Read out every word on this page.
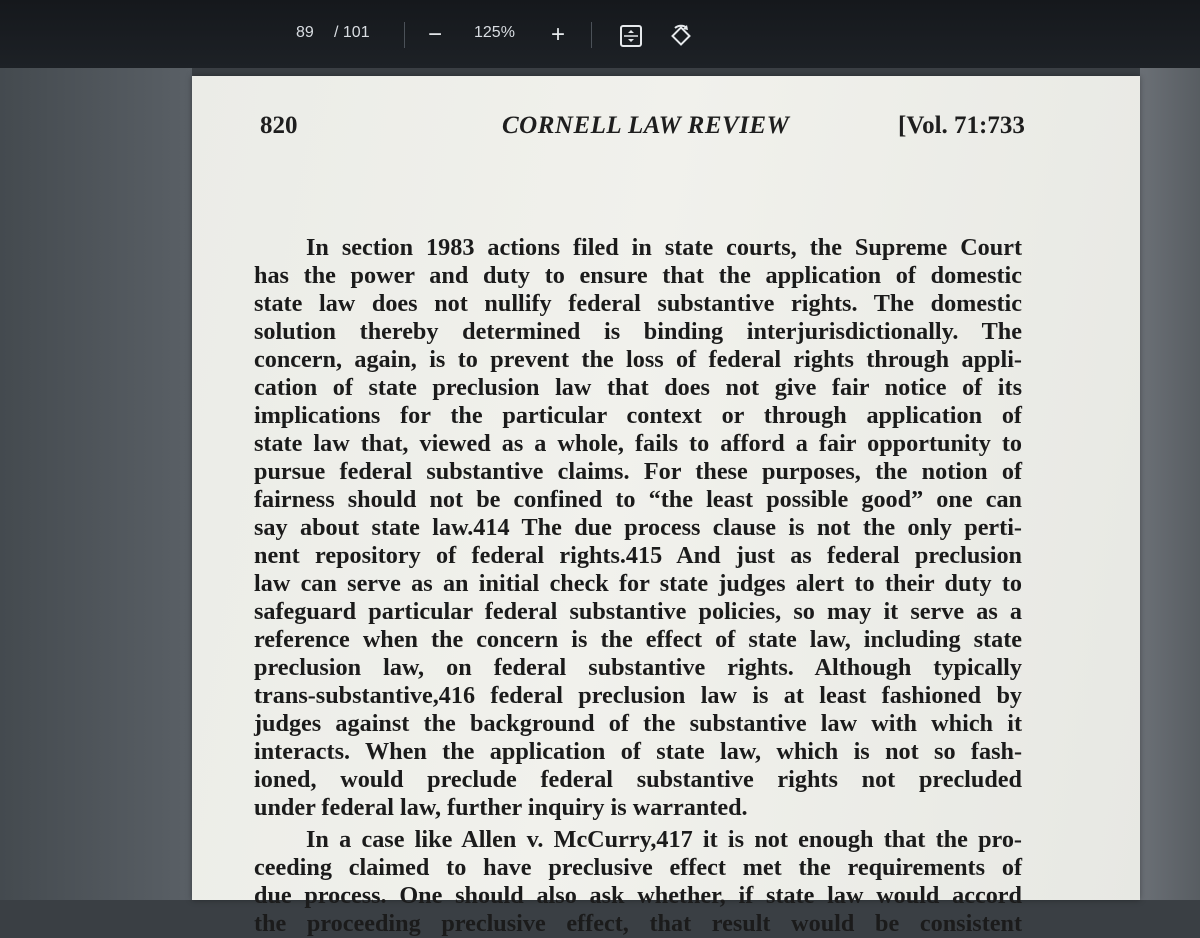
89 / 101	−	125%	+
820	CORNELL LAW REVIEW	[Vol. 71:733
In section 1983 actions filed in state courts, the Supreme Court
has the power and duty to ensure that the application of domestic
state law does not nullify federal substantive rights. The domestic
solution thereby determined is binding interjurisdictionally. The
concern, again, is to prevent the loss of federal rights through appli-
cation of state preclusion law that does not give fair notice of its
implications for the particular context or through application of
state law that, viewed as a whole, fails to afford a fair opportunity to
pursue federal substantive claims. For these purposes, the notion of
fairness should not be confined to “the least possible good” one can
say about state law.414 The due process clause is not the only perti-
nent repository of federal rights.415 And just as federal preclusion
law can serve as an initial check for state judges alert to their duty to
safeguard particular federal substantive policies, so may it serve as a
reference when the concern is the effect of state law, including state
preclusion law, on federal substantive rights. Although typically
trans-substantive,416 federal preclusion law is at least fashioned by
judges against the background of the substantive law with which it
interacts. When the application of state law, which is not so fash-
ioned, would preclude federal substantive rights not precluded
under federal law, further inquiry is warranted.
In a case like Allen v. McCurry,417 it is not enough that the pro-
ceeding claimed to have preclusive effect met the requirements of
due process. One should also ask whether, if state law would accord
the proceeding preclusive effect, that result would be consistent
